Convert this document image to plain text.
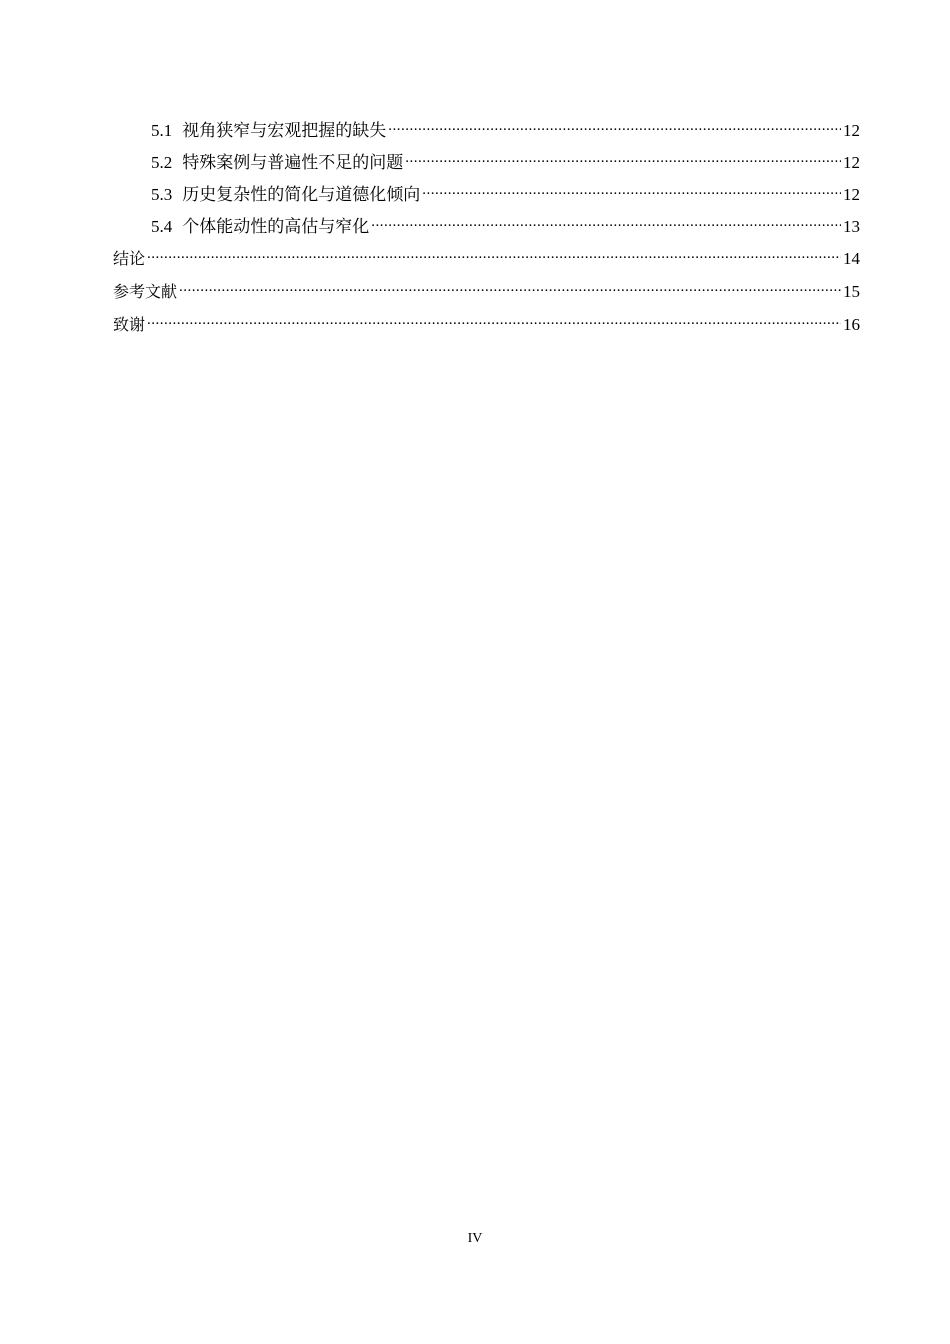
5.1 视角狭窄与宏观把握的缺失 .....	12
5.2 特殊案例与普遍性不足的问题 .....	12
5.3 历史复杂性的简化与道德化倾向 .....	12
5.4 个体能动性的高估与窄化 .....	13
结论 .....	14
参考文献 .....	15
致谢 .....	16
IV
